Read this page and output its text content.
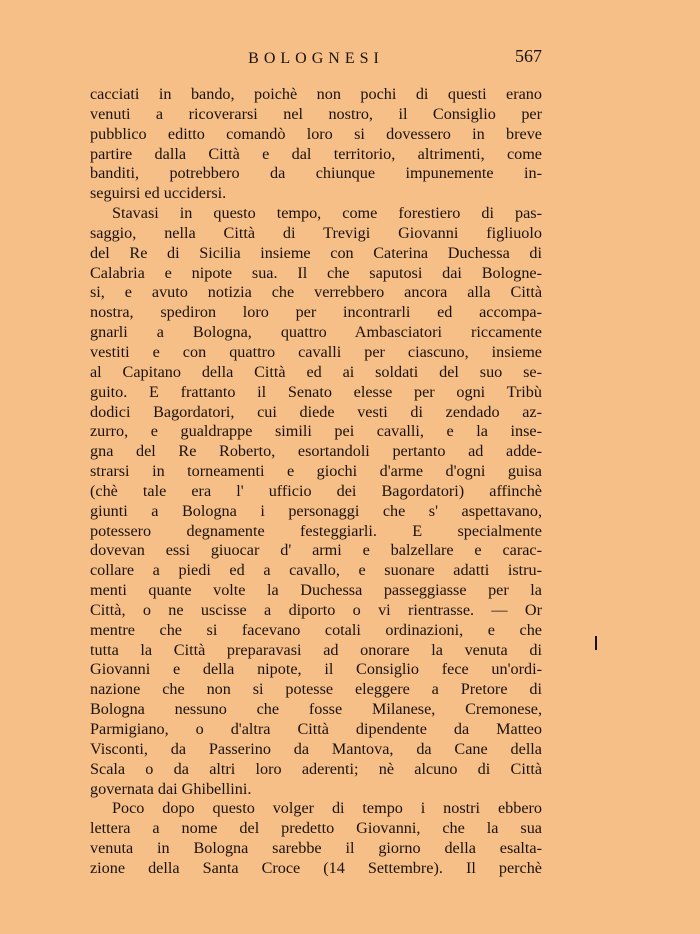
BOLOGNESI	567
cacciati in bando, poichè non pochi di questi erano
venuti a ricoverarsi nel nostro, il Consiglio per
pubblico editto comandò loro si dovessero in breve
partire dalla Città e dal territorio, altrimenti, come
banditi, potrebbero da chiunque impunemente in-
seguirsi ed uccidersi.
Stavasi in questo tempo, come forestiero di pas-
saggio, nella Città di Trevigi Giovanni figliuolo
del Re di Sicilia insieme con Caterina Duchessa di
Calabria e nipote sua. Il che saputosi dai Bologne-
si, e avuto notizia che verrebbero ancora alla Città
nostra, spediron loro per incontrarli ed accompa-
gnarli a Bologna, quattro Ambasciatori riccamente
vestiti e con quattro cavalli per ciascuno, insieme
al Capitano della Città ed ai soldati del suo se-
guito. E frattanto il Senato elesse per ogni Tribù
dodici Bagordatori, cui diede vesti di zendado az-
zurro, e gualdrappe simili pei cavalli, e la inse-
gna del Re Roberto, esortandoli pertanto ad adde-
strarsi in torneamenti e giochi d'arme d'ogni guisa
(chè tale era l' ufficio dei Bagordatori) affinchè
giunti a Bologna i personaggi che s' aspettavano,
potessero degnamente festeggiarli. E specialmente
dovevan essi giuocar d' armi e balzellare e carac-
collare a piedi ed a cavallo, e suonare adatti istru-
menti quante volte la Duchessa passeggiasse per la
Città, o ne uscisse a diporto o vi rientrasse. — Or
mentre che si facevano cotali ordinazioni, e che
tutta la Città preparavasi ad onorare la venuta di
Giovanni e della nipote, il Consiglio fece un'ordi-
nazione che non si potesse eleggere a Pretore di
Bologna nessuno che fosse Milanese, Cremonese,
Parmigiano, o d'altra Città dipendente da Matteo
Visconti, da Passerino da Mantova, da Cane della
Scala o da altri loro aderenti; nè alcuno di Città
governata dai Ghibellini.
Poco dopo questo volger di tempo i nostri ebbero
lettera a nome del predetto Giovanni, che la sua
venuta in Bologna sarebbe il giorno della esalta-
zione della Santa Croce (14 Settembre). Il perchè
